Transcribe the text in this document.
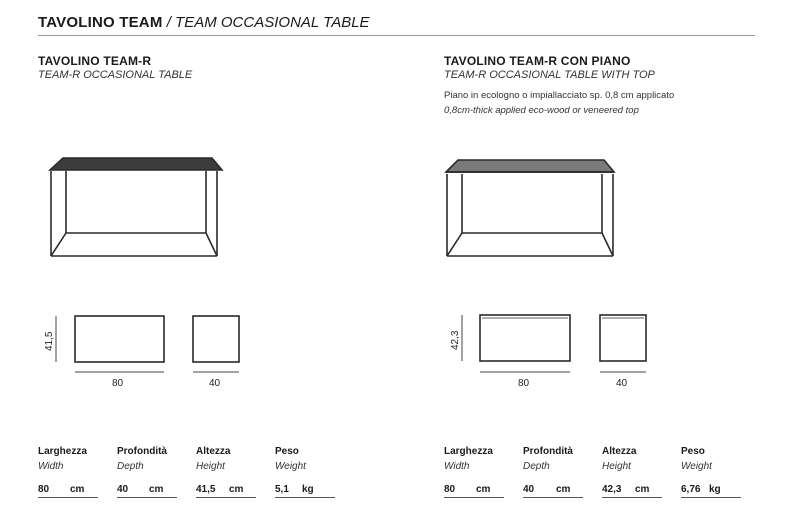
TAVOLINO TEAM / TEAM OCCASIONAL TABLE
TAVOLINO TEAM-R
TEAM-R OCCASIONAL TABLE
41,5
80	40
Larghezza
Width
80 cm
Profondità
Depth
40 cm
Altezza
Height
41,5 cm
Peso
Weight
5,1 kg
TAVOLINO TEAM-R CON PIANO
TEAM-R OCCASIONAL TABLE WITH TOP
Piano in ecologno o impiallacciato sp. 0,8 cm applicato
0,8cm-thick applied eco-wood or veneered top
42,3
80	40
Larghezza
Width
80 cm
Profondità
Depth
40 cm
Altezza
Height
42,3 cm
Peso
Weight
6,76 kg
